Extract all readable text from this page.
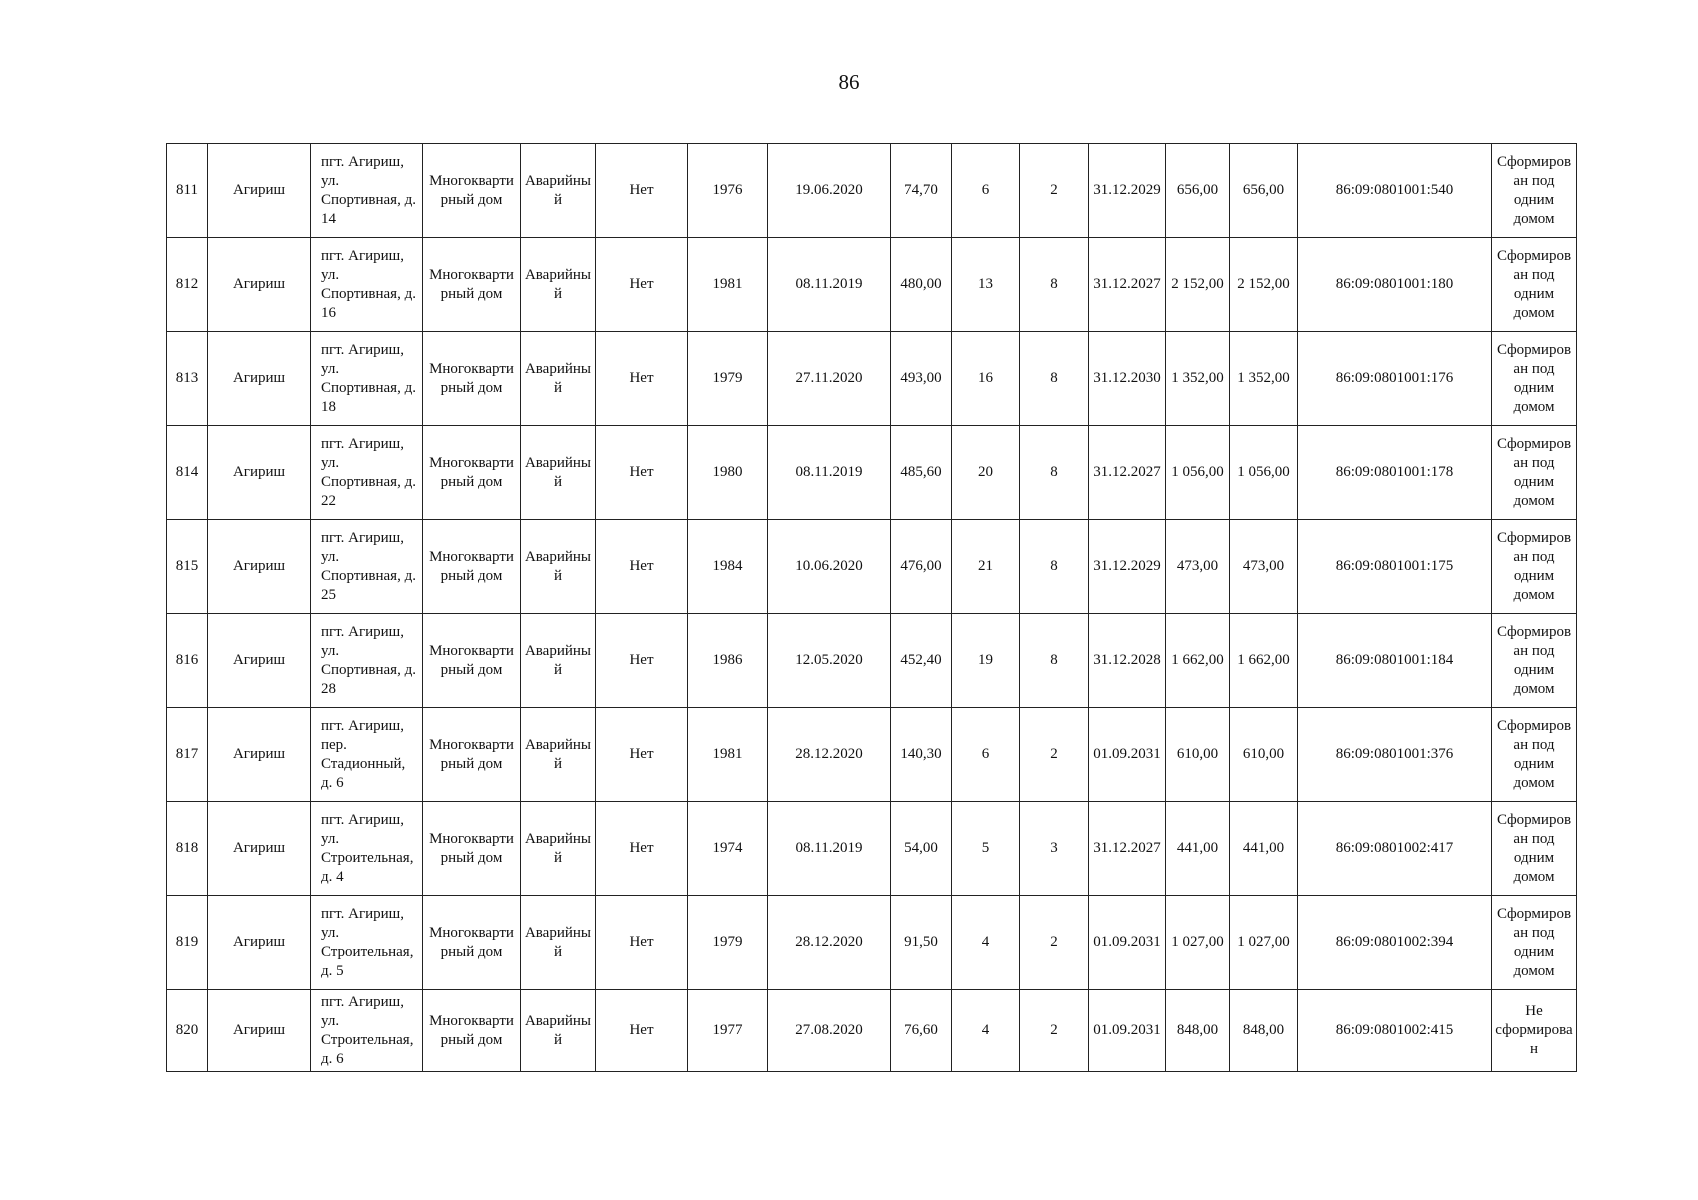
86
811	Агириш	пгт. Агириш, ул. Спортивная, д. 14	Многоквартирный дом	Аварийный	Нет	1976	19.06.2020	74,70	6	2	31.12.2029	656,00	656,00	86:09:0801001:540	Сформирован под одним домом
812	Агириш	пгт. Агириш, ул. Спортивная, д. 16	Многоквартирный дом	Аварийный	Нет	1981	08.11.2019	480,00	13	8	31.12.2027	2 152,00	2 152,00	86:09:0801001:180	Сформирован под одним домом
813	Агириш	пгт. Агириш, ул. Спортивная, д. 18	Многоквартирный дом	Аварийный	Нет	1979	27.11.2020	493,00	16	8	31.12.2030	1 352,00	1 352,00	86:09:0801001:176	Сформирован под одним домом
814	Агириш	пгт. Агириш, ул. Спортивная, д. 22	Многоквартирный дом	Аварийный	Нет	1980	08.11.2019	485,60	20	8	31.12.2027	1 056,00	1 056,00	86:09:0801001:178	Сформирован под одним домом
815	Агириш	пгт. Агириш, ул. Спортивная, д. 25	Многоквартирный дом	Аварийный	Нет	1984	10.06.2020	476,00	21	8	31.12.2029	473,00	473,00	86:09:0801001:175	Сформирован под одним домом
816	Агириш	пгт. Агириш, ул. Спортивная, д. 28	Многоквартирный дом	Аварийный	Нет	1986	12.05.2020	452,40	19	8	31.12.2028	1 662,00	1 662,00	86:09:0801001:184	Сформирован под одним домом
817	Агириш	пгт. Агириш, пер. Стадионный, д. 6	Многоквартирный дом	Аварийный	Нет	1981	28.12.2020	140,30	6	2	01.09.2031	610,00	610,00	86:09:0801001:376	Сформирован под одним домом
818	Агириш	пгт. Агириш, ул. Строительная, д. 4	Многоквартирный дом	Аварийный	Нет	1974	08.11.2019	54,00	5	3	31.12.2027	441,00	441,00	86:09:0801002:417	Сформирован под одним домом
819	Агириш	пгт. Агириш, ул. Строительная, д. 5	Многоквартирный дом	Аварийный	Нет	1979	28.12.2020	91,50	4	2	01.09.2031	1 027,00	1 027,00	86:09:0801002:394	Сформирован под одним домом
820	Агириш	пгт. Агириш, ул. Строительная, д. 6	Многоквартирный дом	Аварийный	Нет	1977	27.08.2020	76,60	4	2	01.09.2031	848,00	848,00	86:09:0801002:415	Не сформирован
